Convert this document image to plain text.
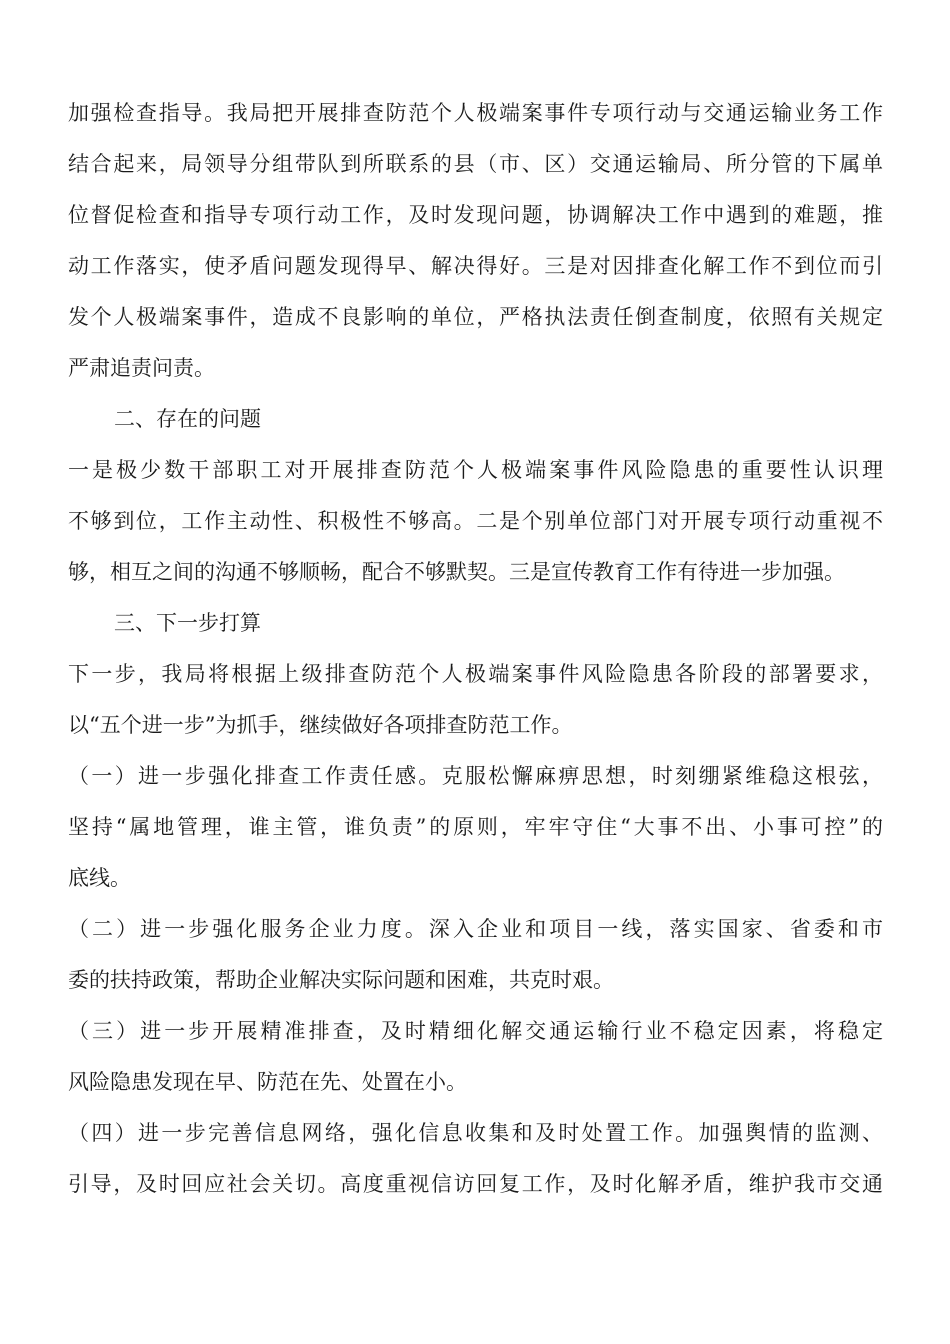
加强检查指导。我局把开展排查防范个人极端案事件专项行动与交通运输业务工作
结合起来，局领导分组带队到所联系的县（市、区）交通运输局、所分管的下属单
位督促检查和指导专项行动工作，及时发现问题，协调解决工作中遇到的难题，推
动工作落实，使矛盾问题发现得早、解决得好。三是对因排查化解工作不到位而引
发个人极端案事件，造成不良影响的单位，严格执法责任倒查制度，依照有关规定
严肃追责问责。
二、存在的问题
一是极少数干部职工对开展排查防范个人极端案事件风险隐患的重要性认识理
不够到位，工作主动性、积极性不够高。二是个别单位部门对开展专项行动重视不
够，相互之间的沟通不够顺畅，配合不够默契。三是宣传教育工作有待进一步加强。
三、下一步打算
下一步，我局将根据上级排查防范个人极端案事件风险隐患各阶段的部署要求，
以“五个进一步”为抓手，继续做好各项排查防范工作。
（一）进一步强化排查工作责任感。克服松懈麻痹思想，时刻绷紧维稳这根弦，
坚持“属地管理，谁主管，谁负责”的原则，牢牢守住“大事不出、小事可控”的
底线。
（二）进一步强化服务企业力度。深入企业和项目一线，落实国家、省委和市
委的扶持政策，帮助企业解决实际问题和困难，共克时艰。
（三）进一步开展精准排查，及时精细化解交通运输行业不稳定因素，将稳定
风险隐患发现在早、防范在先、处置在小。
（四）进一步完善信息网络，强化信息收集和及时处置工作。加强舆情的监测、
引导，及时回应社会关切。高度重视信访回复工作，及时化解矛盾，维护我市交通
